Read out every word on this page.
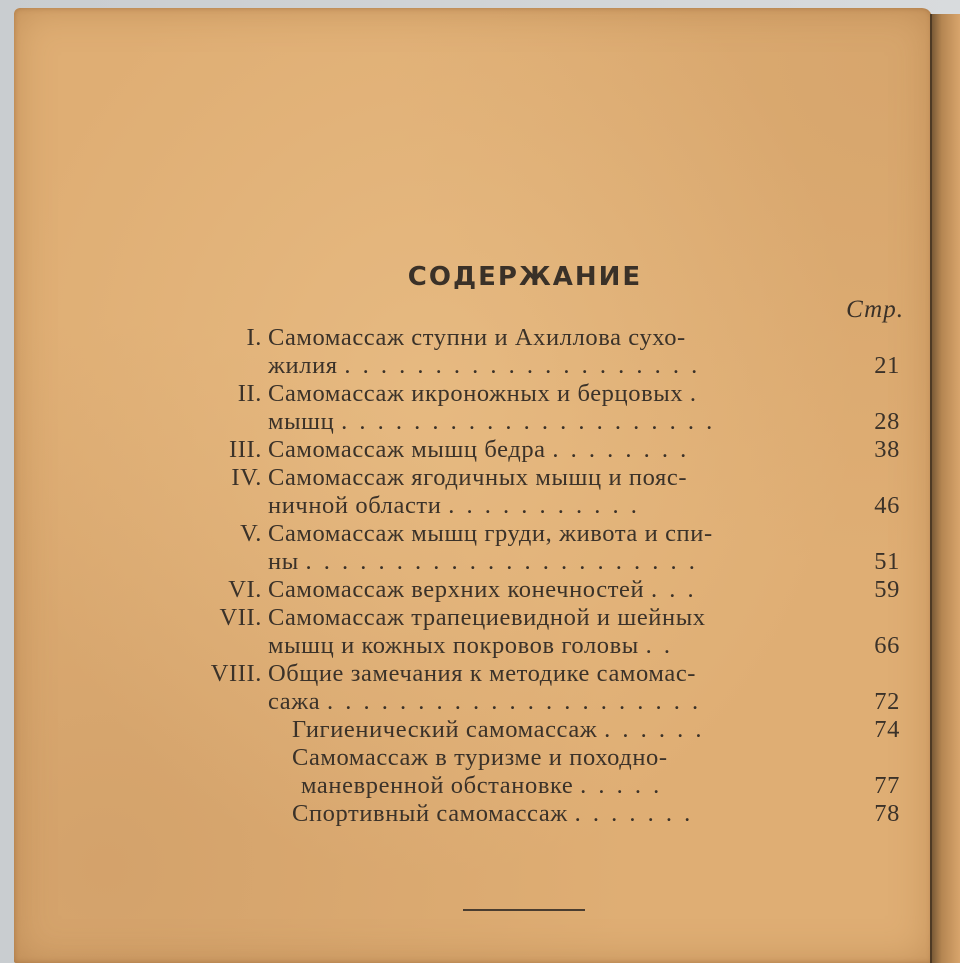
СОДЕРЖАНИЕ
Стр.
I. Самомассаж ступни и Ахиллова сухо-
жилия . . . . . . . . . . . . . . . . . . . .	21
II. Самомассаж икроножных и берцовых .
мышц . . . . . . . . . . . . . . . . . . . . .	28
III. Самомассаж мышц бедра . . . . . . . .	38
IV. Самомассаж ягодичных мышц и пояс-
ничной области . . . . . . . . . . .	46
V. Самомассаж мышц груди, живота и спи-
ны . . . . . . . . . . . . . . . . . . . . . .	51
VI. Самомассаж верхних конечностей . . .	59
VII. Самомассаж трапециевидной и шейных
мышц и кожных покровов головы . .	66
VIII. Общие замечания к методике самомас-
сажа . . . . . . . . . . . . . . . . . . . . .	72
Гигиенический самомассаж . . . . . .	74
Самомассаж в туризме и походно-
маневренной обстановке . . . . .	77
Спортивный самомассаж . . . . . . .	78
